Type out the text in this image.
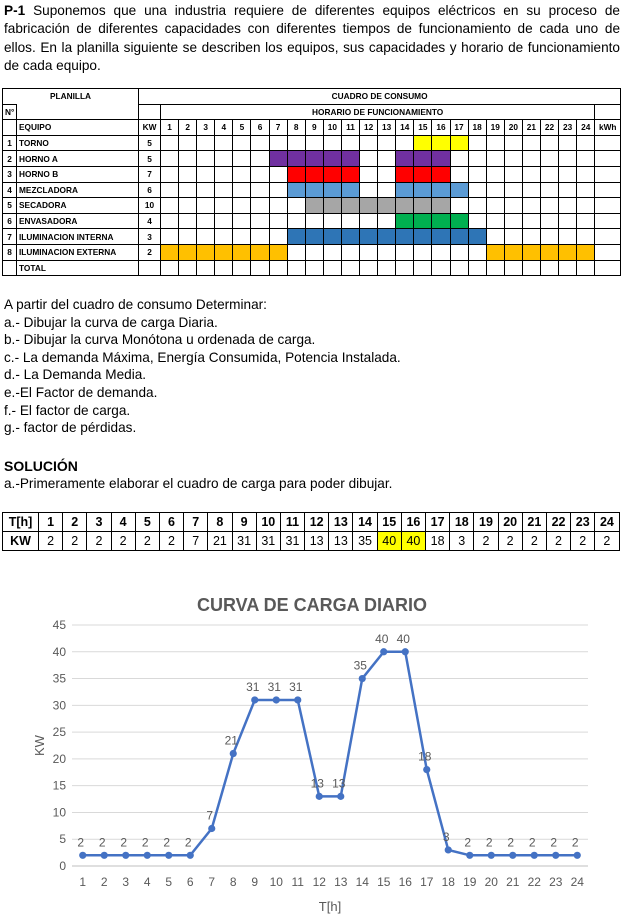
P-1 Suponemos que una industria requiere de diferentes equipos eléctricos en su proceso de fabricación de diferentes capacidades con diferentes tiempos de funcionamiento de cada uno de ellos. En la planilla siguiente se describen los equipos, sus capacidades y horario de funcionamiento de cada equipo.
PLANILLA		CUADRO DE CONSUMO																									
N°			HORARIO DE FUNCIONAMIENTO																								
	EQUIPO	KW	1	2	3	4	5	6	7	8	9	10	11	12	13	14	15	16	17	18	19	20	21	22	23	24	kWh
1	TORNO	5																									
2	HORNO A	5																									
3	HORNO B	7																									
4	MEZCLADORA	6																									
5	SECADORA	10																									
6	ENVASADORA	4																									
7	ILUMINACION INTERNA	3																									
8	ILUMINACION EXTERNA	2																									
	TOTAL																										
A partir del cuadro de consumo Determinar:
a.- Dibujar la curva de carga Diaria.
b.- Dibujar la curva Monótona u ordenada de carga.
c.- La demanda Máxima, Energía Consumida, Potencia Instalada.
d.- La Demanda Media.
e.-El Factor de demanda.
f.- El factor de carga.
g.- factor de pérdidas.
SOLUCIÓN
a.-Primeramente elaborar el cuadro de carga para poder dibujar.
T[h]	1	2	3	4	5	6	7	8	9	10	11	12	13	14	15	16	17	18	19	20	21	22	23	24
KW	2	2	2	2	2	2	7	21	31	31	31	13	13	35	40	40	18	3	2	2	2	2	2	2
CURVA DE CARGA DIARIO
0
5
10
15
20
25
30
35
40
45
1 2 3 4 5 6 7 8 9 10 11 12 13 14 15 16 17 18 19 20 21 22 23 24
KW
T[h]
2 2 2 2 2 2
7
21
31 31 31
13 13
35
40 40
18
3 2 2 2 2 2 2
